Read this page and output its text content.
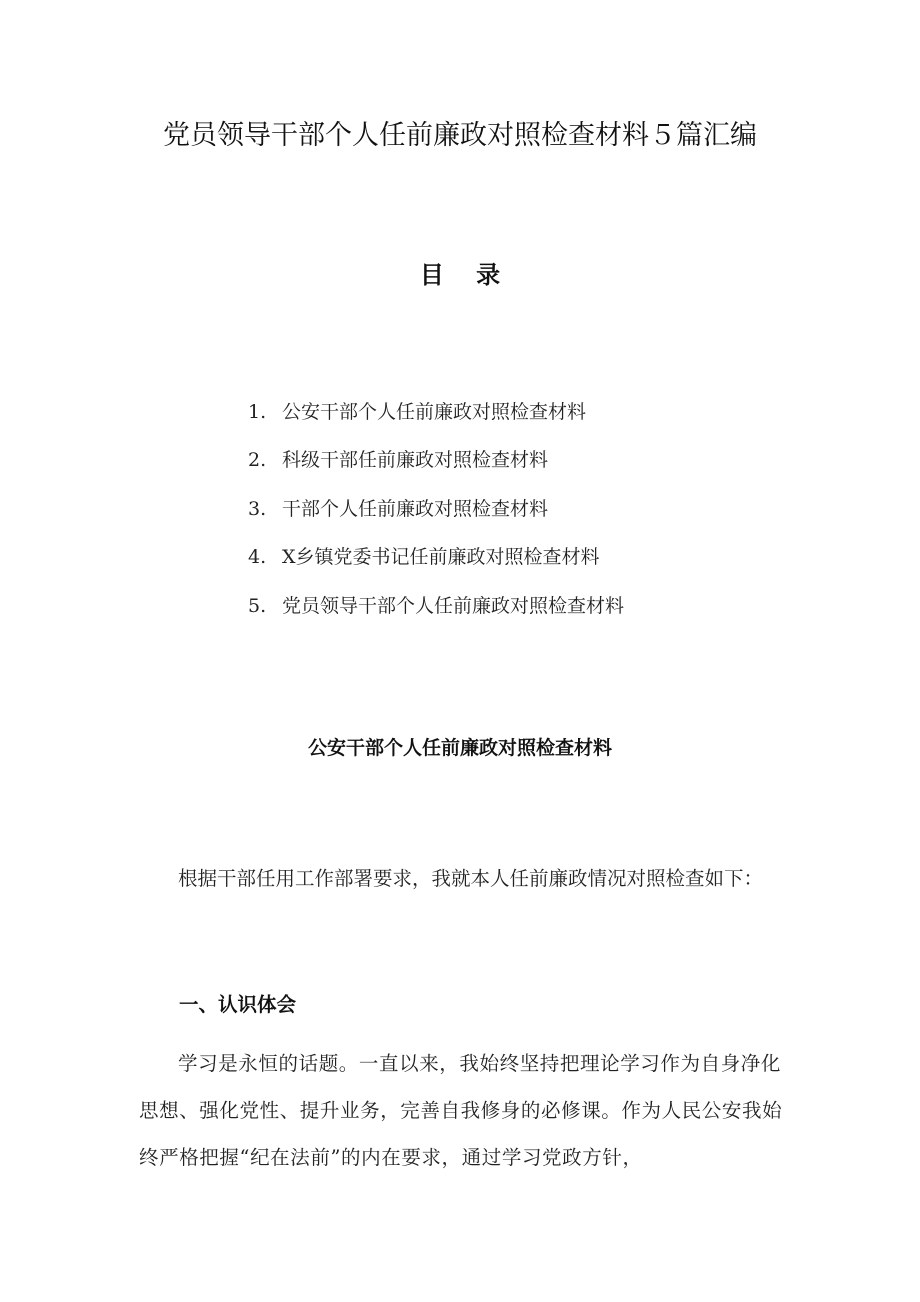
党员领导干部个人任前廉政对照检查材料５篇汇编
目 录
1. 公安干部个人任前廉政对照检查材料
2. 科级干部任前廉政对照检查材料
3. 干部个人任前廉政对照检查材料
4. X乡镇党委书记任前廉政对照检查材料
5. 党员领导干部个人任前廉政对照检查材料
公安干部个人任前廉政对照检查材料

根据干部任用工作部署要求，我就本人任前廉政情况对照检查如下：

一、认识体会

学习是永恒的话题。一直以来，我始终坚持把理论学习作为自身净化思想、强化党性、提升业务，完善自我修身的必修课。作为人民公安我始终严格把握“纪在法前”的内在要求，通过学习党政方针，
